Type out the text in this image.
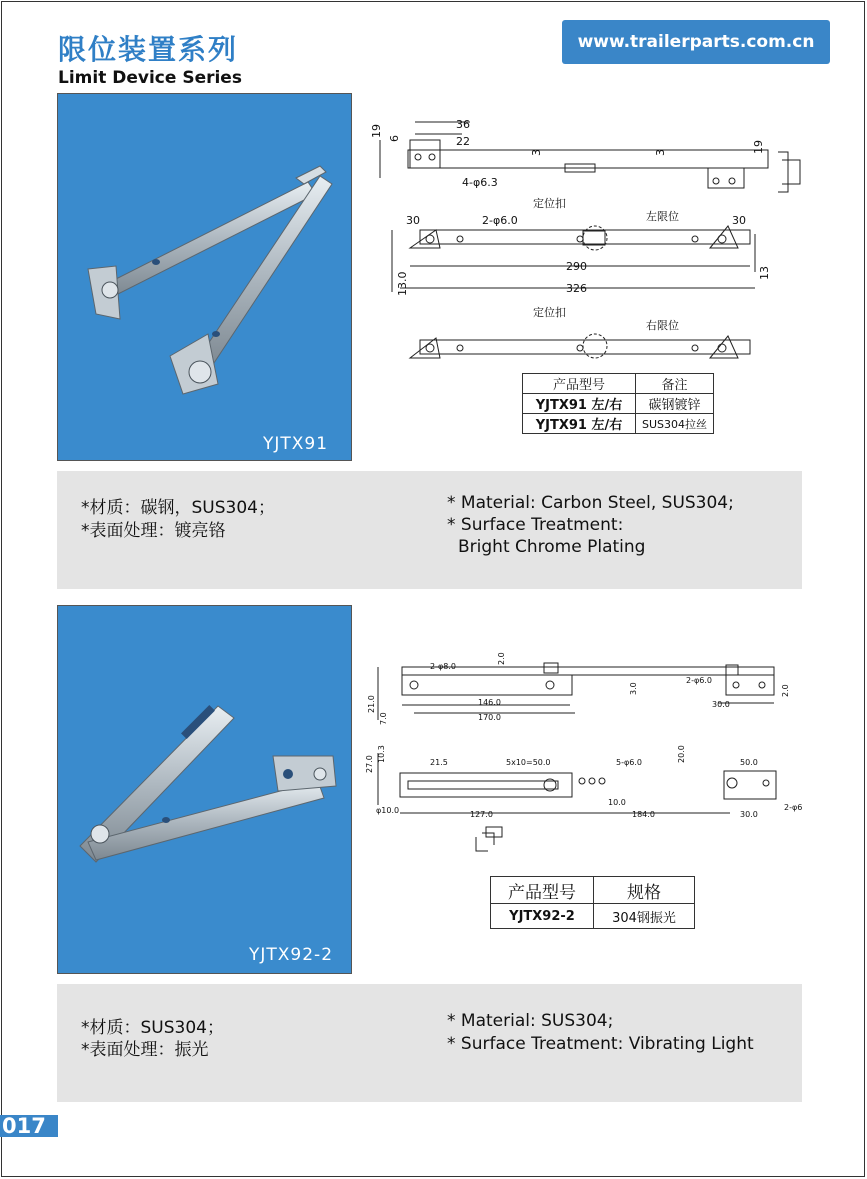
限位装置系列
Limit Device Series
www.trailerparts.com.cn
YJTX91
36
22
19
6
4-φ6.3
3	3	19
30	2-φ6.0
定位扣
左限位	30
290
326
13.0	13
定位扣
右限位
产品型号	备注
YJTX91 左/右	碳钢镀锌
YJTX91 左/右	SUS304拉丝
*材质：碳钢，SUS304；
*表面处理：镀亮铬
* Material: Carbon Steel, SUS304;
* Surface Treatment:
Bright Chrome Plating
YJTX92-2
2-φ8.0
2.0
3.0
2-φ6.0
2.0
21.0
7.0
146.0
170.0
30.0
27.0
10.3	21.5	5x10=50.0	5-φ6.0	20.0	50.0
φ10.0
10.0
127.0	184.0	30.0
2-φ6
产品型号	规格
YJTX92-2	304钢振光
*材质：SUS304；
*表面处理：振光
* Material: SUS304;
* Surface Treatment: Vibrating Light
017
